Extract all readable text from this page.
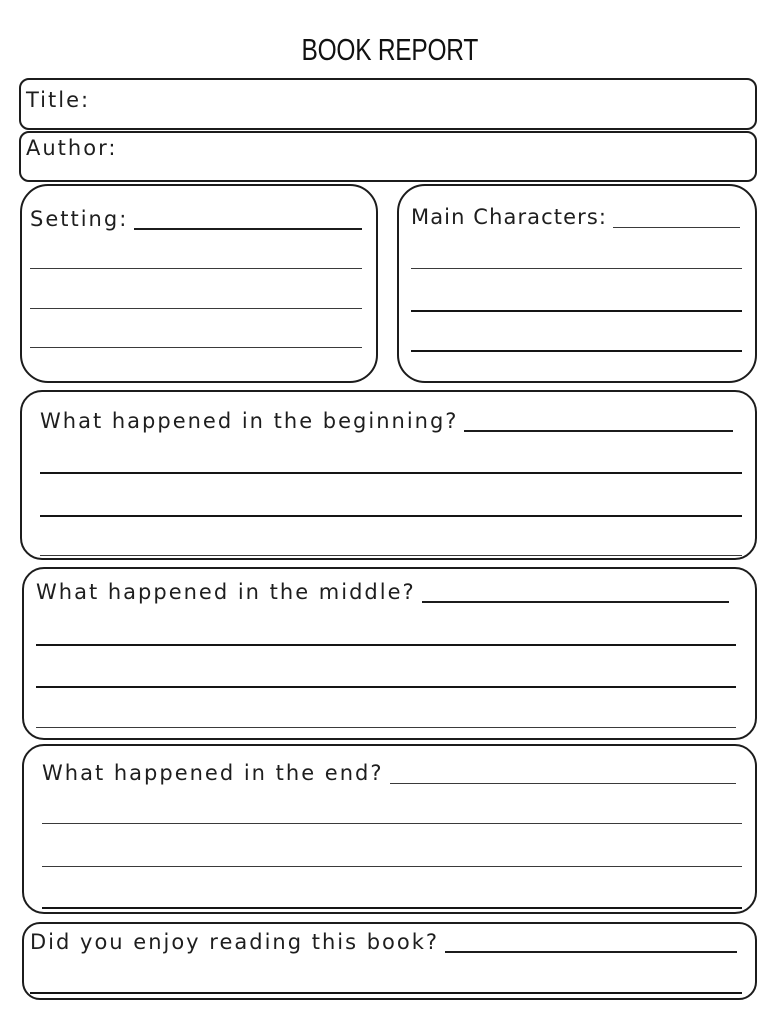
BOOK REPORT
Title:
Author:
Setting:	Main Characters:
What happened in the beginning?
What happened in the middle?
What happened in the end?
Did you enjoy reading this book?
